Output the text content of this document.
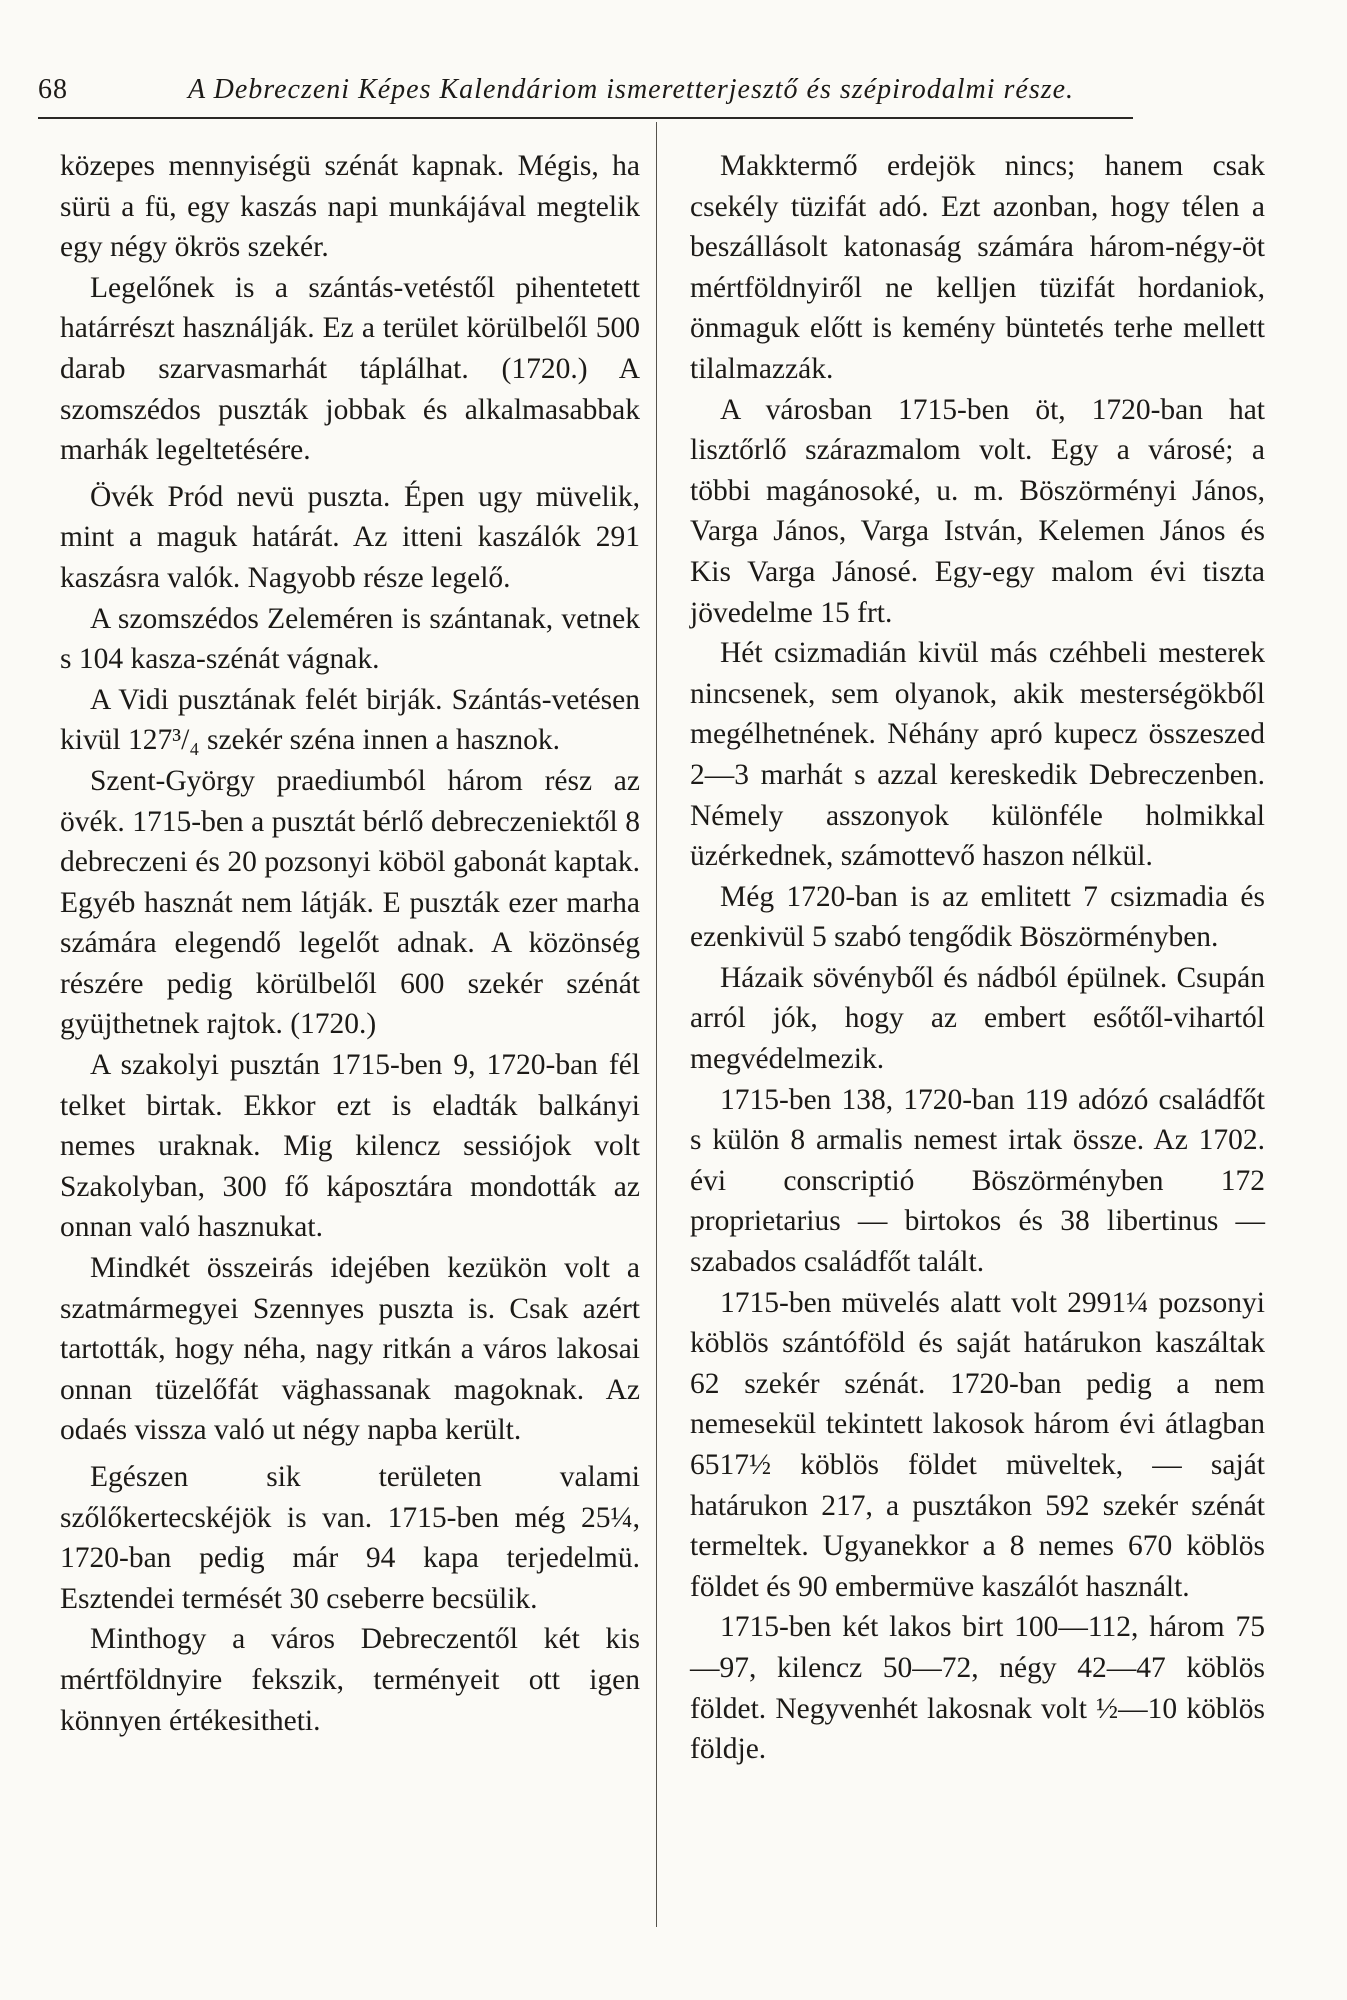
68	A Debreczeni Képes Kalendáriom ismeretterjesztő és szépirodalmi része.

közepes mennyiségü szénát kapnak. Mégis, ha sürü a fü, egy kaszás napi munkájával megtelik egy négy ökrös szekér.

Legelőnek is a szántás-vetéstől pihentetett határrészt használják. Ez a terület körülbelől 500 darab szarvasmarhát táplálhat. (1720.) A szomszédos puszták jobbak és alkalmasabbak marhák legeltetésére.

Övék Pród nevü puszta. Épen ugy müvelik, mint a maguk határát. Az itteni kaszálók 291 kaszásra valók. Nagyobb része legelő.

A szomszédos Zeleméren is szántanak, vetnek s 104 kasza-szénát vágnak.

A Vidi pusztának felét birják. Szántás-vetésen kivül 127³/₄ szekér széna innen a hasznok.

Szent-György praediumból három rész az övék. 1715-ben a pusztát bérlő debreczeniektől 8 debreczeni és 20 pozsonyi köböl gabonát kaptak. Egyéb hasznát nem látják. E puszták ezer marha számára elegendő legelőt adnak. A közönség részére pedig körülbelől 600 szekér szénát gyüjthetnek rajtok. (1720.)

A szakolyi pusztán 1715-ben 9, 1720-ban fél telket birtak. Ekkor ezt is eladták balkányi nemes uraknak. Mig kilencz sessiójok volt Szakolyban, 300 fő káposztára mondották az onnan való hasznukat.

Mindkét összeirás idejében kezükön volt a szatmármegyei Szennyes puszta is. Csak azért tartották, hogy néha, nagy ritkán a város lakosai onnan tüzelőfát väghassanak magoknak. Az odaés vissza való ut négy napba került.

Egészen sik területen valami szőlőkertecskéjök is van. 1715-ben még 25¼, 1720-ban pedig már 94 kapa terjedelmü. Esztendei termését 30 cseberre becsülik.

Minthogy a város Debreczentől két kis mértföldnyire fekszik, terményeit ott igen könnyen értékesitheti.

Makktermő erdejök nincs; hanem csak csekély tüzifát adó. Ezt azonban, hogy télen a beszállásolt katonaság számára három-négy-öt mértföldnyiről ne kelljen tüzifát hordaniok, önmaguk előtt is kemény büntetés terhe mellett tilalmazzák.

A városban 1715-ben öt, 1720-ban hat lisztőrlő szárazmalom volt. Egy a városé; a többi magánosoké, u. m. Böszörményi János, Varga János, Varga István, Kelemen János és Kis Varga Jánosé. Egy-egy malom évi tiszta jövedelme 15 frt.

Hét csizmadián kivül más czéhbeli mesterek nincsenek, sem olyanok, akik mesterségökből megélhetnének. Néhány apró kupecz összeszed 2—3 marhát s azzal kereskedik Debreczenben. Némely asszonyok különféle holmikkal üzérkednek, számottevő haszon nélkül.

Még 1720-ban is az emlitett 7 csizmadia és ezenkivül 5 szabó tengődik Böszörményben.

Házaik sövényből és nádból épülnek. Csupán arról jók, hogy az embert esőtől-vihartól megvédelmezik.

1715-ben 138, 1720-ban 119 adózó családfőt s külön 8 armalis nemest irtak össze. Az 1702. évi conscriptió Böszörményben 172 proprietarius — birtokos és 38 libertinus — szabados családfőt talált.

1715-ben müvelés alatt volt 2991¼ pozsonyi köblös szántóföld és saját határukon kaszáltak 62 szekér szénát. 1720-ban pedig a nem nemesekül tekintett lakosok három évi átlagban 6517½ köblös földet müveltek, — saját határukon 217, a pusztákon 592 szekér szénát termeltek. Ugyanekkor a 8 nemes 670 köblös földet és 90 embermüve kaszálót használt.

1715-ben két lakos birt 100—112, három 75—97, kilencz 50—72, négy 42—47 köblös földet. Negyvenhét lakosnak volt ½—10 köblös földje.
